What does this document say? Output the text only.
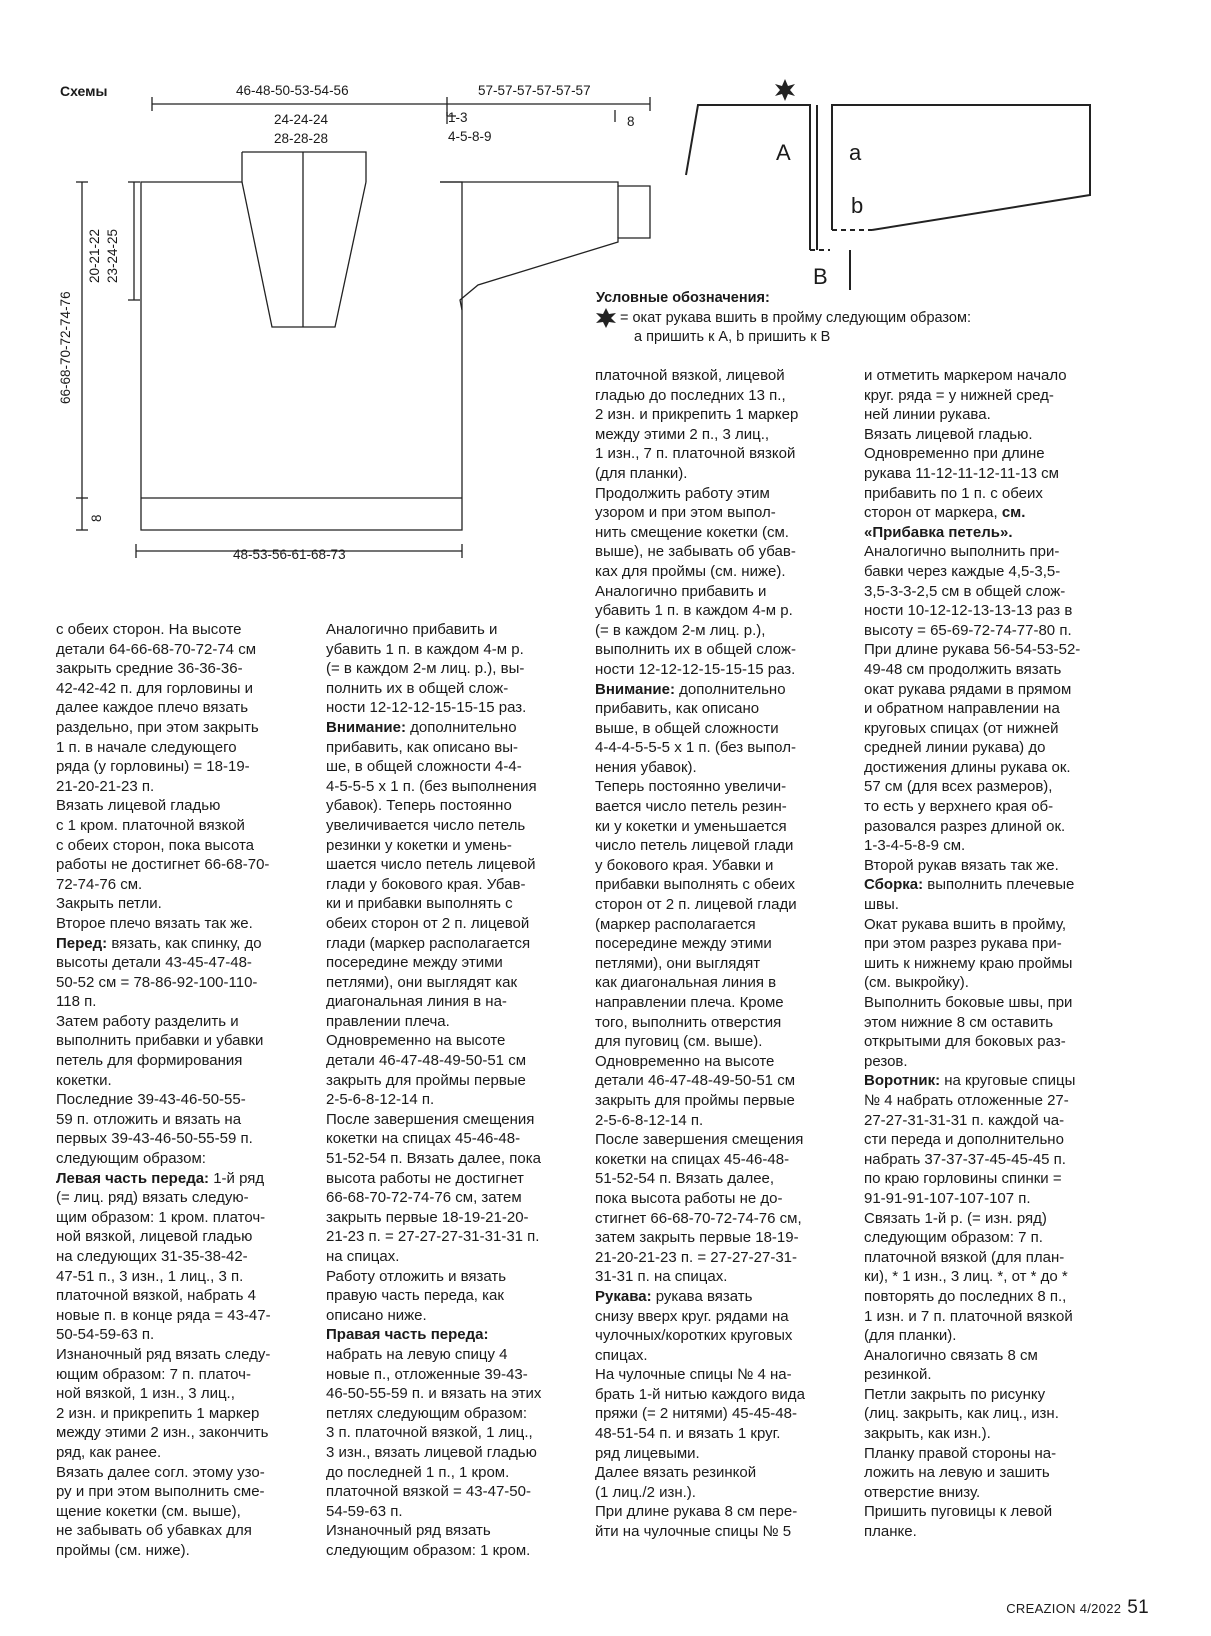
Схемы	46-48-50-53-54-56	57-57-57-57-57-57
24-24-24
28-28-28
1-3
4-5-8-9
8
66-68-70-72-74-76
20-21-22 23-24-25
8
48-53-56-61-68-73
A	a
b
B
Условные обозначения:
= окат рукава вшить в пройму следующим образом:
a пришить к A, b пришить к B
с обеих сторон. На высоте
детали 64-66-68-70-72-74 см
закрыть средние 36-36-36-
42-42-42 п. для горловины и
далее каждое плечо вязать
раздельно, при этом закрыть
1 п. в начале следующего
ряда (у горловины) = 18-19-
21-20-21-23 п.
Вязать лицевой гладью
с 1 кром. платочной вязкой
с обеих сторон, пока высота
работы не достигнет 66-68-70-
72-74-76 см.
Закрыть петли.
Второе плечо вязать так же.
Перед: вязать, как спинку, до
высоты детали 43-45-47-48-
50-52 см = 78-86-92-100-110-
118 п.
Затем работу разделить и
выполнить прибавки и убавки
петель для формирования
кокетки.
Последние 39-43-46-50-55-
59 п. отложить и вязать на
первых 39-43-46-50-55-59 п.
следующим образом:
Левая часть переда: 1-й ряд
(= лиц. ряд) вязать следую-
щим образом: 1 кром. платоч-
ной вязкой, лицевой гладью
на следующих 31-35-38-42-
47-51 п., 3 изн., 1 лиц., 3 п.
платочной вязкой, набрать 4
новые п. в конце ряда = 43-47-
50-54-59-63 п.
Изнаночный ряд вязать следу-
ющим образом: 7 п. платоч-
ной вязкой, 1 изн., 3 лиц.,
2 изн. и прикрепить 1 маркер
между этими 2 изн., закончить
ряд, как ранее.
Вязать далее согл. этому узо-
ру и при этом выполнить сме-
щение кокетки (см. выше),
не забывать об убавках для
проймы (см. ниже).
Аналогично прибавить и
убавить 1 п. в каждом 4-м р.
(= в каждом 2-м лиц. р.), вы-
полнить их в общей слож-
ности 12-12-12-15-15-15 раз.
Внимание: дополнительно
прибавить, как описано вы-
ше, в общей сложности 4-4-
4-5-5-5 х 1 п. (без выполнения
убавок). Теперь постоянно
увеличивается число петель
резинки у кокетки и умень-
шается число петель лицевой
глади у бокового края. Убав-
ки и прибавки выполнять с
обеих сторон от 2 п. лицевой
глади (маркер располагается
посередине между этими
петлями), они выглядят как
диагональная линия в на-
правлении плеча.
Одновременно на высоте
детали 46-47-48-49-50-51 см
закрыть для проймы первые
2-5-6-8-12-14 п.
После завершения смещения
кокетки на спицах 45-46-48-
51-52-54 п. Вязать далее, пока
высота работы не достигнет
66-68-70-72-74-76 см, затем
закрыть первые 18-19-21-20-
21-23 п. = 27-27-27-31-31-31 п.
на спицах.
Работу отложить и вязать
правую часть переда, как
описано ниже.
Правая часть переда:
набрать на левую спицу 4
новые п., отложенные 39-43-
46-50-55-59 п. и вязать на этих
петлях следующим образом:
3 п. платочной вязкой, 1 лиц.,
3 изн., вязать лицевой гладью
до последней 1 п., 1 кром.
платочной вязкой = 43-47-50-
54-59-63 п.
Изнаночный ряд вязать
следующим образом: 1 кром.
платочной вязкой, лицевой
гладью до последних 13 п.,
2 изн. и прикрепить 1 маркер
между этими 2 п., 3 лиц.,
1 изн., 7 п. платочной вязкой
(для планки).
Продолжить работу этим
узором и при этом выпол-
нить смещение кокетки (см.
выше), не забывать об убав-
ках для проймы (см. ниже).
Аналогично прибавить и
убавить 1 п. в каждом 4-м р.
(= в каждом 2-м лиц. р.),
выполнить их в общей слож-
ности 12-12-12-15-15-15 раз.
Внимание: дополнительно
прибавить, как описано
выше, в общей сложности
4-4-4-5-5-5 х 1 п. (без выпол-
нения убавок).
Теперь постоянно увеличи-
вается число петель резин-
ки у кокетки и уменьшается
число петель лицевой глади
у бокового края. Убавки и
прибавки выполнять с обеих
сторон от 2 п. лицевой глади
(маркер располагается
посередине между этими
петлями), они выглядят
как диагональная линия в
направлении плеча. Кроме
того, выполнить отверстия
для пуговиц (см. выше).
Одновременно на высоте
детали 46-47-48-49-50-51 см
закрыть для проймы первые
2-5-6-8-12-14 п.
После завершения смещения
кокетки на спицах 45-46-48-
51-52-54 п. Вязать далее,
пока высота работы не до-
стигнет 66-68-70-72-74-76 см,
затем закрыть первые 18-19-
21-20-21-23 п. = 27-27-27-31-
31-31 п. на спицах.
Рукава: рукава вязать
снизу вверх круг. рядами на
чулочных/коротких круговых
спицах.
На чулочные спицы № 4 на-
брать 1-й нитью каждого вида
пряжи (= 2 нитями) 45-45-48-
48-51-54 п. и вязать 1 круг.
ряд лицевыми.
Далее вязать резинкой
(1 лиц./2 изн.).
При длине рукава 8 см пере-
йти на чулочные спицы № 5
и отметить маркером начало
круг. ряда = у нижней сред-
ней линии рукава.
Вязать лицевой гладью.
Одновременно при длине
рукава 11-12-11-12-11-13 см
прибавить по 1 п. с обеих
сторон от маркера, см.
«Прибавка петель».
Аналогично выполнить при-
бавки через каждые 4,5-3,5-
3,5-3-3-2,5 см в общей слож-
ности 10-12-12-13-13-13 раз в
высоту = 65-69-72-74-77-80 п.
При длине рукава 56-54-53-52-
49-48 см продолжить вязать
окат рукава рядами в прямом
и обратном направлении на
круговых спицах (от нижней
средней линии рукава) до
достижения длины рукава ок.
57 см (для всех размеров),
то есть у верхнего края об-
разовался разрез длиной ок.
1-3-4-5-8-9 см.
Второй рукав вязать так же.
Сборка: выполнить плечевые
швы.
Окат рукава вшить в пройму,
при этом разрез рукава при-
шить к нижнему краю проймы
(см. выкройку).
Выполнить боковые швы, при
этом нижние 8 см оставить
открытыми для боковых раз-
резов.
Воротник: на круговые спицы
№ 4 набрать отложенные 27-
27-27-31-31-31 п. каждой ча-
сти переда и дополнительно
набрать 37-37-37-45-45-45 п.
по краю горловины спинки =
91-91-91-107-107-107 п.
Связать 1-й р. (= изн. ряд)
следующим образом: 7 п.
платочной вязкой (для план-
ки), * 1 изн., 3 лиц. *, от * до *
повторять до последних 8 п.,
1 изн. и 7 п. платочной вязкой
(для планки).
Аналогично связать 8 см
резинкой.
Петли закрыть по рисунку
(лиц. закрыть, как лиц., изн.
закрыть, как изн.).
Планку правой стороны на-
ложить на левую и зашить
отверстие внизу.
Пришить пуговицы к левой
планке.
CREAZION 4/2022 51
